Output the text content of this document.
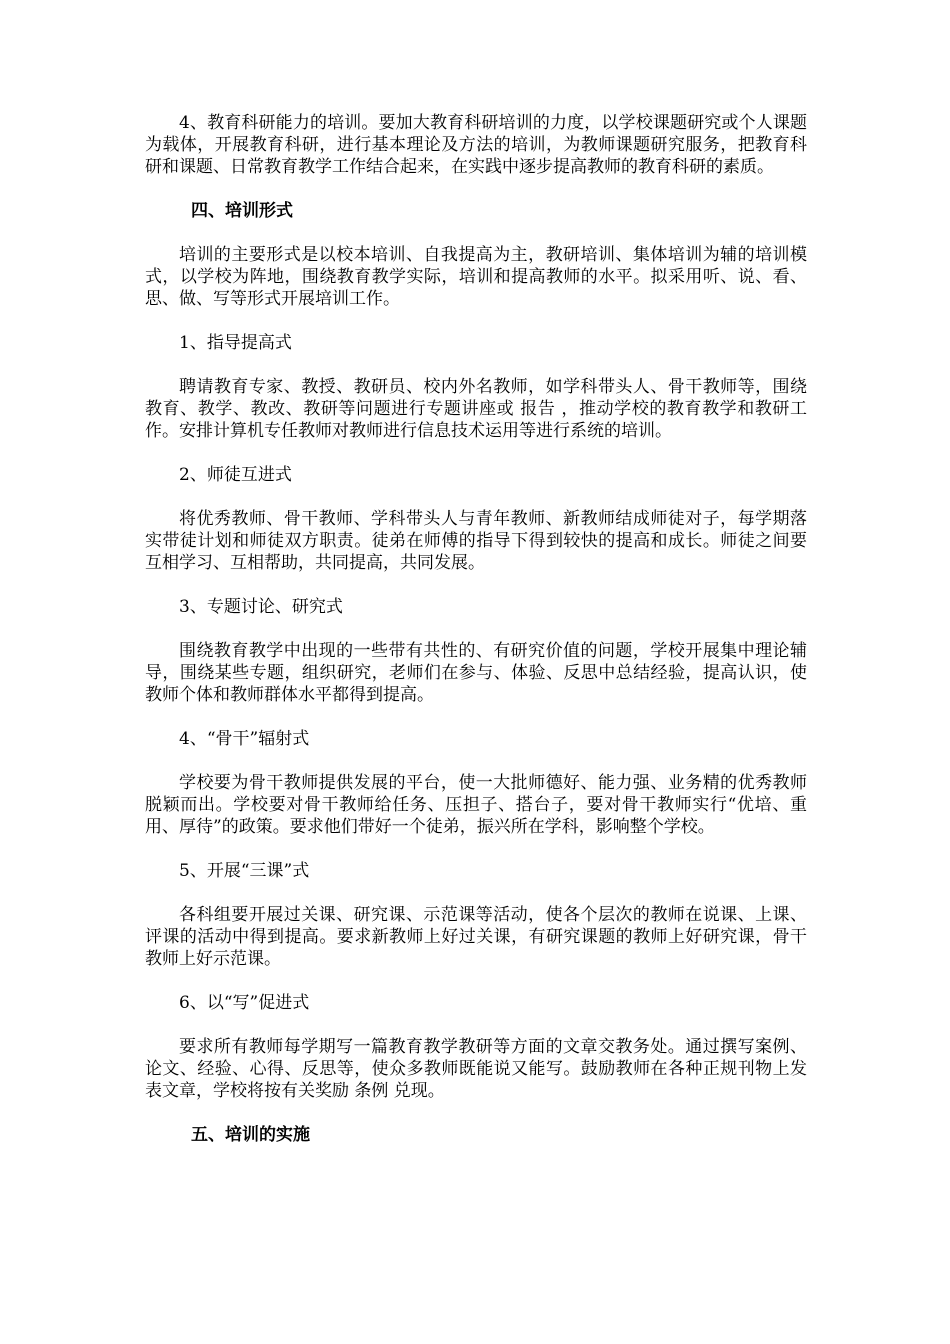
4、教育科研能力的培训。要加大教育科研培训的力度，以学校课题研究或个人课题为载体，开展教育科研，进行基本理论及方法的培训，为教师课题研究服务，把教育科研和课题、日常教育教学工作结合起来，在实践中逐步提高教师的教育科研的素质。

四、培训形式

培训的主要形式是以校本培训、自我提高为主，教研培训、集体培训为辅的培训模式，以学校为阵地，围绕教育教学实际，培训和提高教师的水平。拟采用听、说、看、思、做、写等形式开展培训工作。

1、指导提高式

聘请教育专家、教授、教研员、校内外名教师，如学科带头人、骨干教师等，围绕教育、教学、教改、教研等问题进行专题讲座或 报告 ，推动学校的教育教学和教研工作。安排计算机专任教师对教师进行信息技术运用等进行系统的培训。

2、师徒互进式

将优秀教师、骨干教师、学科带头人与青年教师、新教师结成师徒对子，每学期落实带徒计划和师徒双方职责。徒弟在师傅的指导下得到较快的提高和成长。师徒之间要互相学习、互相帮助，共同提高，共同发展。

3、专题讨论、研究式

围绕教育教学中出现的一些带有共性的、有研究价值的问题，学校开展集中理论辅导，围绕某些专题，组织研究，老师们在参与、体验、反思中总结经验，提高认识，使教师个体和教师群体水平都得到提高。

4、“骨干”辐射式

学校要为骨干教师提供发展的平台，使一大批师德好、能力强、业务精的优秀教师脱颖而出。学校要对骨干教师给任务、压担子、搭台子，要对骨干教师实行“优培、重用、厚待”的政策。要求他们带好一个徒弟，振兴所在学科，影响整个学校。

5、开展“三课”式

各科组要开展过关课、研究课、示范课等活动，使各个层次的教师在说课、上课、评课的活动中得到提高。要求新教师上好过关课，有研究课题的教师上好研究课，骨干教师上好示范课。

6、以“写”促进式

要求所有教师每学期写一篇教育教学教研等方面的文章交教务处。通过撰写案例、论文、经验、心得、反思等，使众多教师既能说又能写。鼓励教师在各种正规刊物上发表文章，学校将按有关奖励 条例 兑现。

五、培训的实施
